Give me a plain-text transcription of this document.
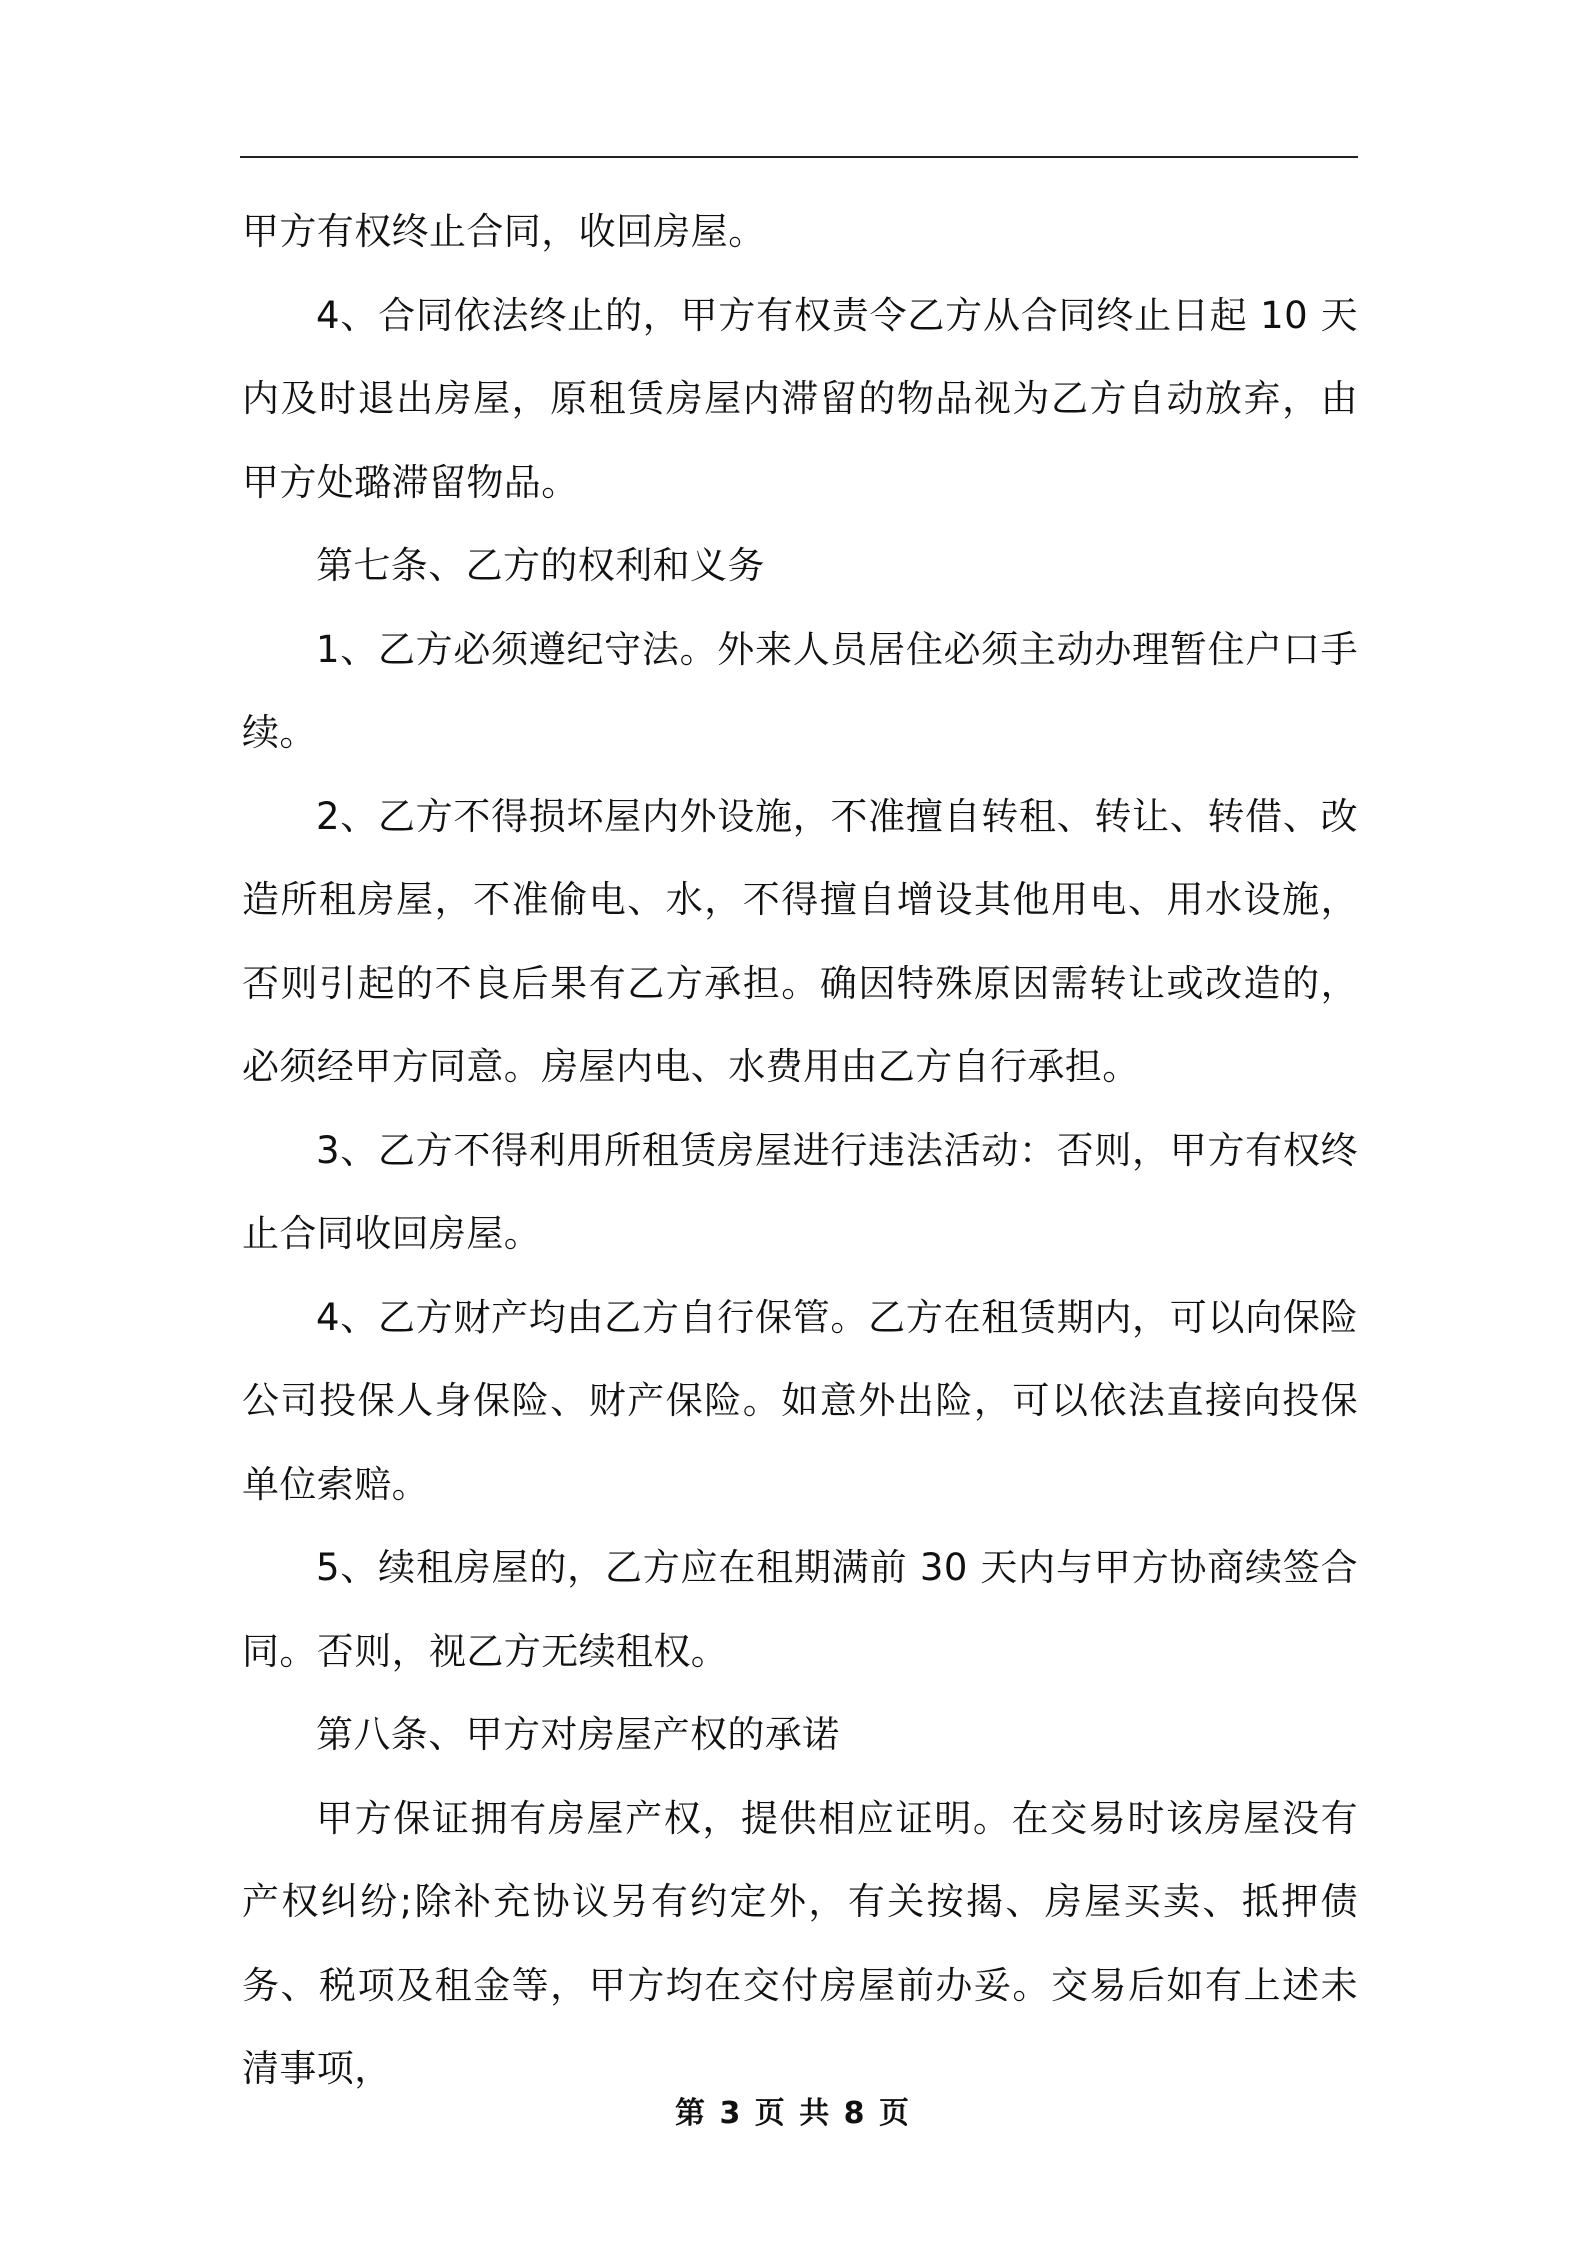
甲方有权终止合同，收回房屋。

4、合同依法终止的，甲方有权责令乙方从合同终止日起 10 天内及时退出房屋，原租赁房屋内滞留的物品视为乙方自动放弃，由甲方处璐滞留物品。

第七条、乙方的权利和义务

1、乙方必须遵纪守法。外来人员居住必须主动办理暂住户口手续。

2、乙方不得损坏屋内外设施，不准擅自转租、转让、转借、改造所租房屋，不准偷电、水，不得擅自增设其他用电、用水设施，否则引起的不良后果有乙方承担。确因特殊原因需转让或改造的，必须经甲方同意。房屋内电、水费用由乙方自行承担。

3、乙方不得利用所租赁房屋进行违法活动：否则，甲方有权终止合同收回房屋。

4、乙方财产均由乙方自行保管。乙方在租赁期内，可以向保险公司投保人身保险、财产保险。如意外出险，可以依法直接向投保单位索赔。

5、续租房屋的，乙方应在租期满前 30 天内与甲方协商续签合同。否则，视乙方无续租权。

第八条、甲方对房屋产权的承诺

甲方保证拥有房屋产权，提供相应证明。在交易时该房屋没有产权纠纷;除补充协议另有约定外，有关按揭、房屋买卖、抵押债务、税项及租金等，甲方均在交付房屋前办妥。交易后如有上述未清事项，

第 3 页 共 8 页
